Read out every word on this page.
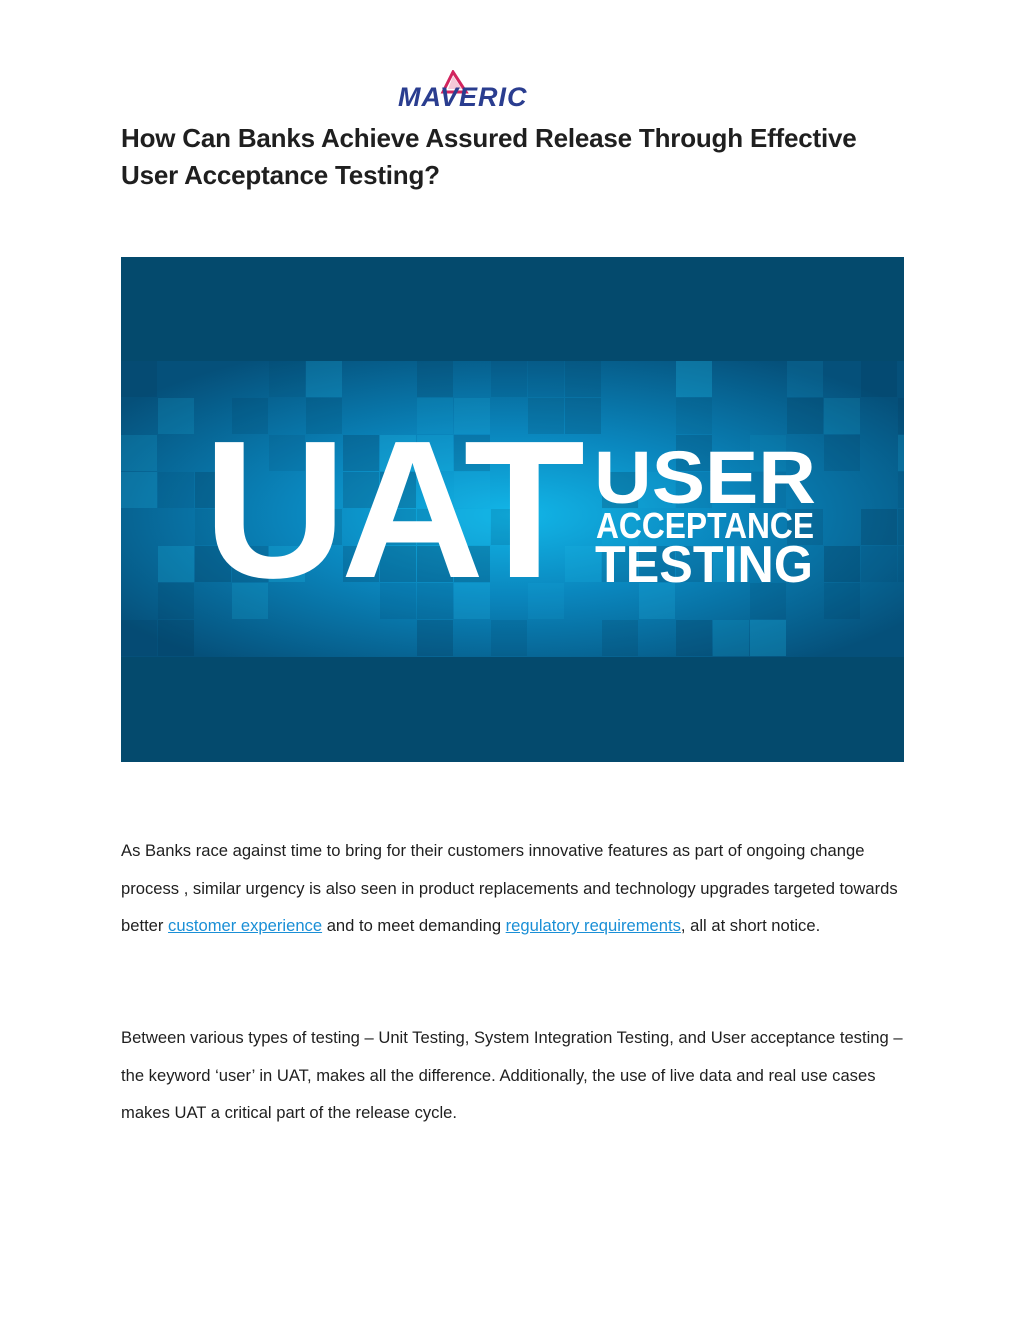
MAVERIC
How Can Banks Achieve Assured Release Through Effective User Acceptance Testing?
UAT USER
ACCEPTANCE
TESTING

As Banks race against time to bring for their customers innovative features as part of ongoing change process , similar urgency is also seen in product replacements and technology upgrades targeted towards better customer experience and to meet demanding regulatory requirements, all at short notice.

Between various types of testing – Unit Testing, System Integration Testing, and User acceptance testing – the keyword ‘user’ in UAT, makes all the difference. Additionally, the use of live data and real use cases makes UAT a critical part of the release cycle.
